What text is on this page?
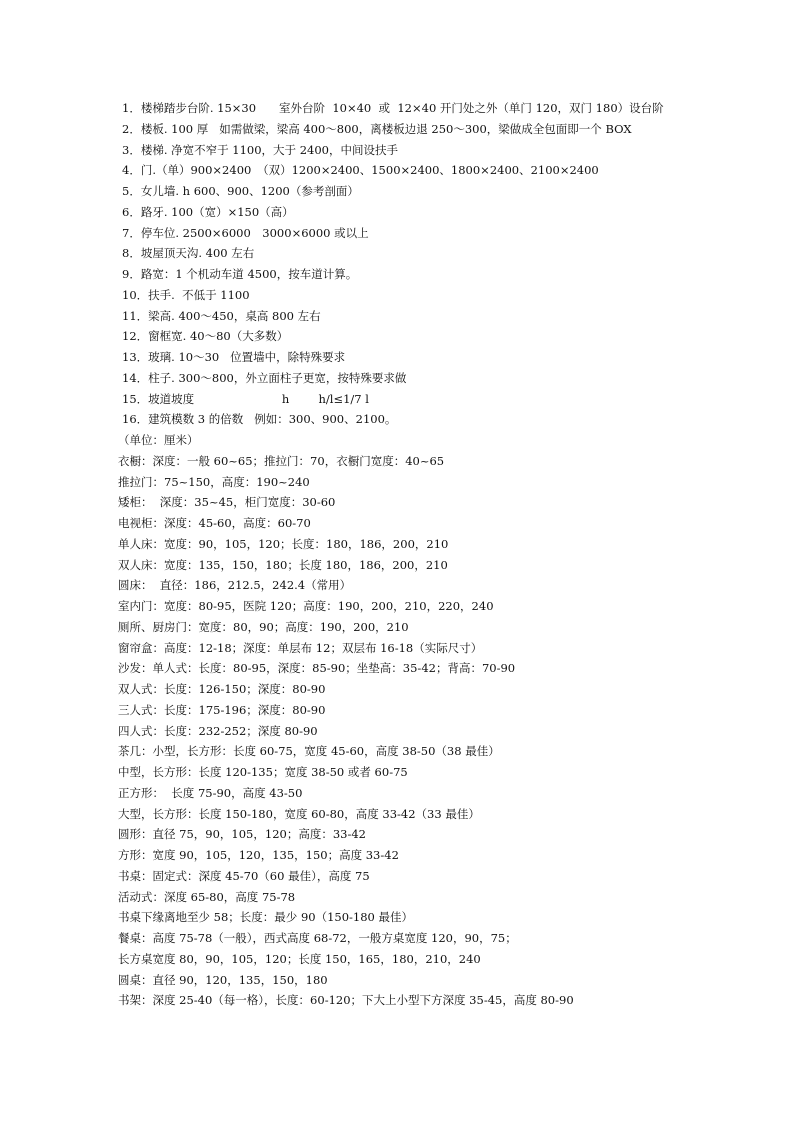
1．楼梯踏步台阶. 15×30　　室外台阶  10×40  或  12×40 开门处之外（单门 120，双门 180）设台阶
2．楼板. 100 厚   如需做梁，梁高 400～800，离楼板边退 250～300，梁做成全包面即一个 BOX
3．楼梯. 净宽不窄于 1100，大于 2400，中间设扶手
4．门.（单）900×2400　（双）1200×2400、1500×2400、1800×2400、2100×2400
5．女儿墙. h 600、900、1200（参考剖面）
6．路牙. 100（宽）×150（高）
7．停车位. 2500×6000　3000×6000 或以上
8．坡屋顶天沟. 400 左右
9．路宽：1 个机动车道 4500，按车道计算。
10．扶手.  不低于 1100
11．梁高. 400～450，桌高 800 左右
12．窗框宽. 40～80（大多数）
13．玻璃. 10～30   位置墙中，除特殊要求
14．柱子. 300～800，外立面柱子更宽，按特殊要求做
15．坡道坡度                        h        h/l≤1/7 l
16．建筑模数 3 的倍数   例如：300、900、2100。
（单位：厘米）
衣橱：深度：一般 60~65；推拉门：70，衣橱门宽度：40~65
推拉门：75~150，高度：190~240
矮柜：  深度：35~45，柜门宽度：30-60
电视柜：深度：45-60，高度：60-70
单人床：宽度：90，105，120；长度：180，186，200，210
双人床：宽度：135，150，180；长度 180，186，200，210
圆床：  直径：186，212.5，242.4（常用）
室内门：宽度：80-95，医院 120；高度：190，200，210，220，240
厕所、厨房门：宽度：80，90；高度：190，200，210
窗帘盒：高度：12-18；深度：单层布 12；双层布 16-18（实际尺寸）
沙发：单人式：长度：80-95，深度：85-90；坐垫高：35-42；背高：70-90
双人式：长度：126-150；深度：80-90
三人式：长度：175-196；深度：80-90
四人式：长度：232-252；深度 80-90
茶几：小型，长方形：长度 60-75，宽度 45-60，高度 38-50（38 最佳）
中型，长方形：长度 120-135；宽度 38-50 或者 60-75
正方形：  长度 75-90，高度 43-50
大型，长方形：长度 150-180，宽度 60-80，高度 33-42（33 最佳）
圆形：直径 75，90，105，120；高度：33-42
方形：宽度 90，105，120，135，150；高度 33-42
书桌：固定式：深度 45-70（60 最佳），高度 75
活动式：深度 65-80，高度 75-78
书桌下缘离地至少 58；长度：最少 90（150-180 最佳）
餐桌：高度 75-78（一般），西式高度 68-72，一般方桌宽度 120，90，75；
长方桌宽度 80，90，105，120；长度 150，165，180，210，240
圆桌：直径 90，120，135，150，180
书架：深度 25-40（每一格），长度：60-120；下大上小型下方深度 35-45，高度 80-90
